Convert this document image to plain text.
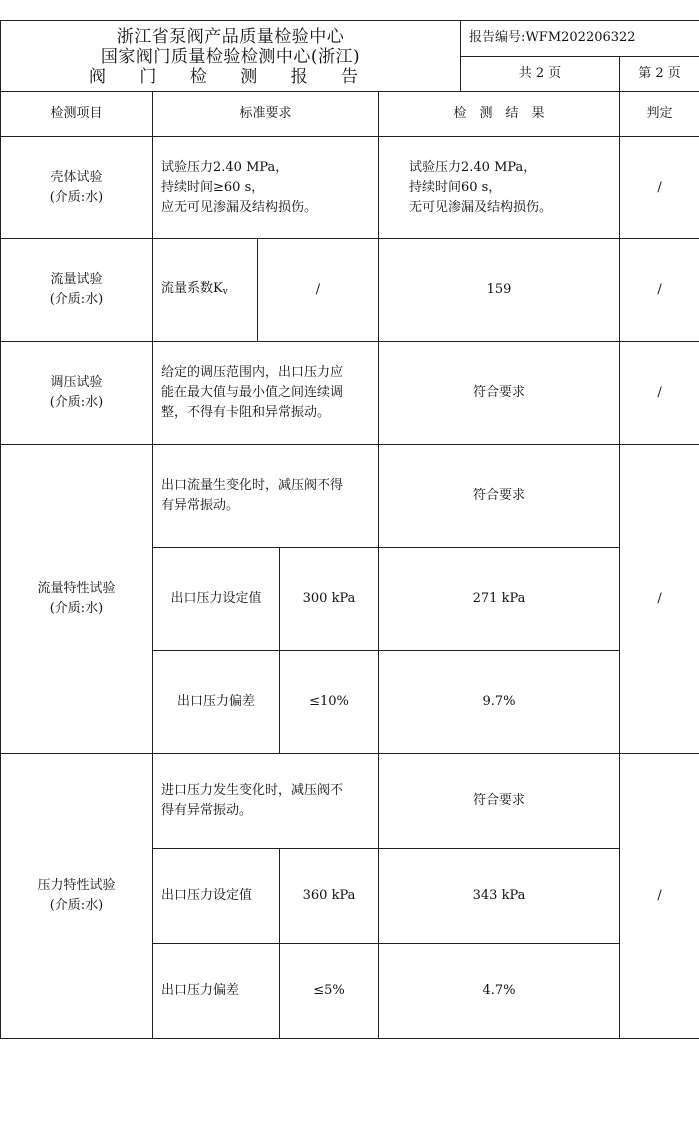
浙江省泵阀产品质量检验中心
国家阀门质量检验检测中心(浙江)
阀 门 检 测 报 告					报告编号:WFM202206322	
					共 2 页	第 2 页
检测项目	标准要求			检　测　结　果		判定

壳体试验
(介质:水)	试验压力2.40 MPa，
持续时间≥60 s，
应无可见渗漏及结构损伤。			试验压力2.40 MPa，
持续时间60 s，
无可见渗漏及结构损伤。		/

流量试验
(介质:水)	流量系数Kv	/		159		/

调压试验
(介质:水)	给定的调压范围内，出口压力应
能在最大值与最小值之间连续调
整，不得有卡阻和异常振动。			符合要求		/

流量特性试验
(介质:水)	出口流量生变化时，减压阀不得
有异常振动。			符合要求		/
	出口压力设定值		300 kPa	271 kPa		
	出口压力偏差		≤10%	9.7%		

压力特性试验
(介质:水)	进口压力发生变化时，减压阀不
得有异常振动。			符合要求		/
	出口压力设定值		360 kPa	343 kPa		
	出口压力偏差		≤5%	4.7%		
